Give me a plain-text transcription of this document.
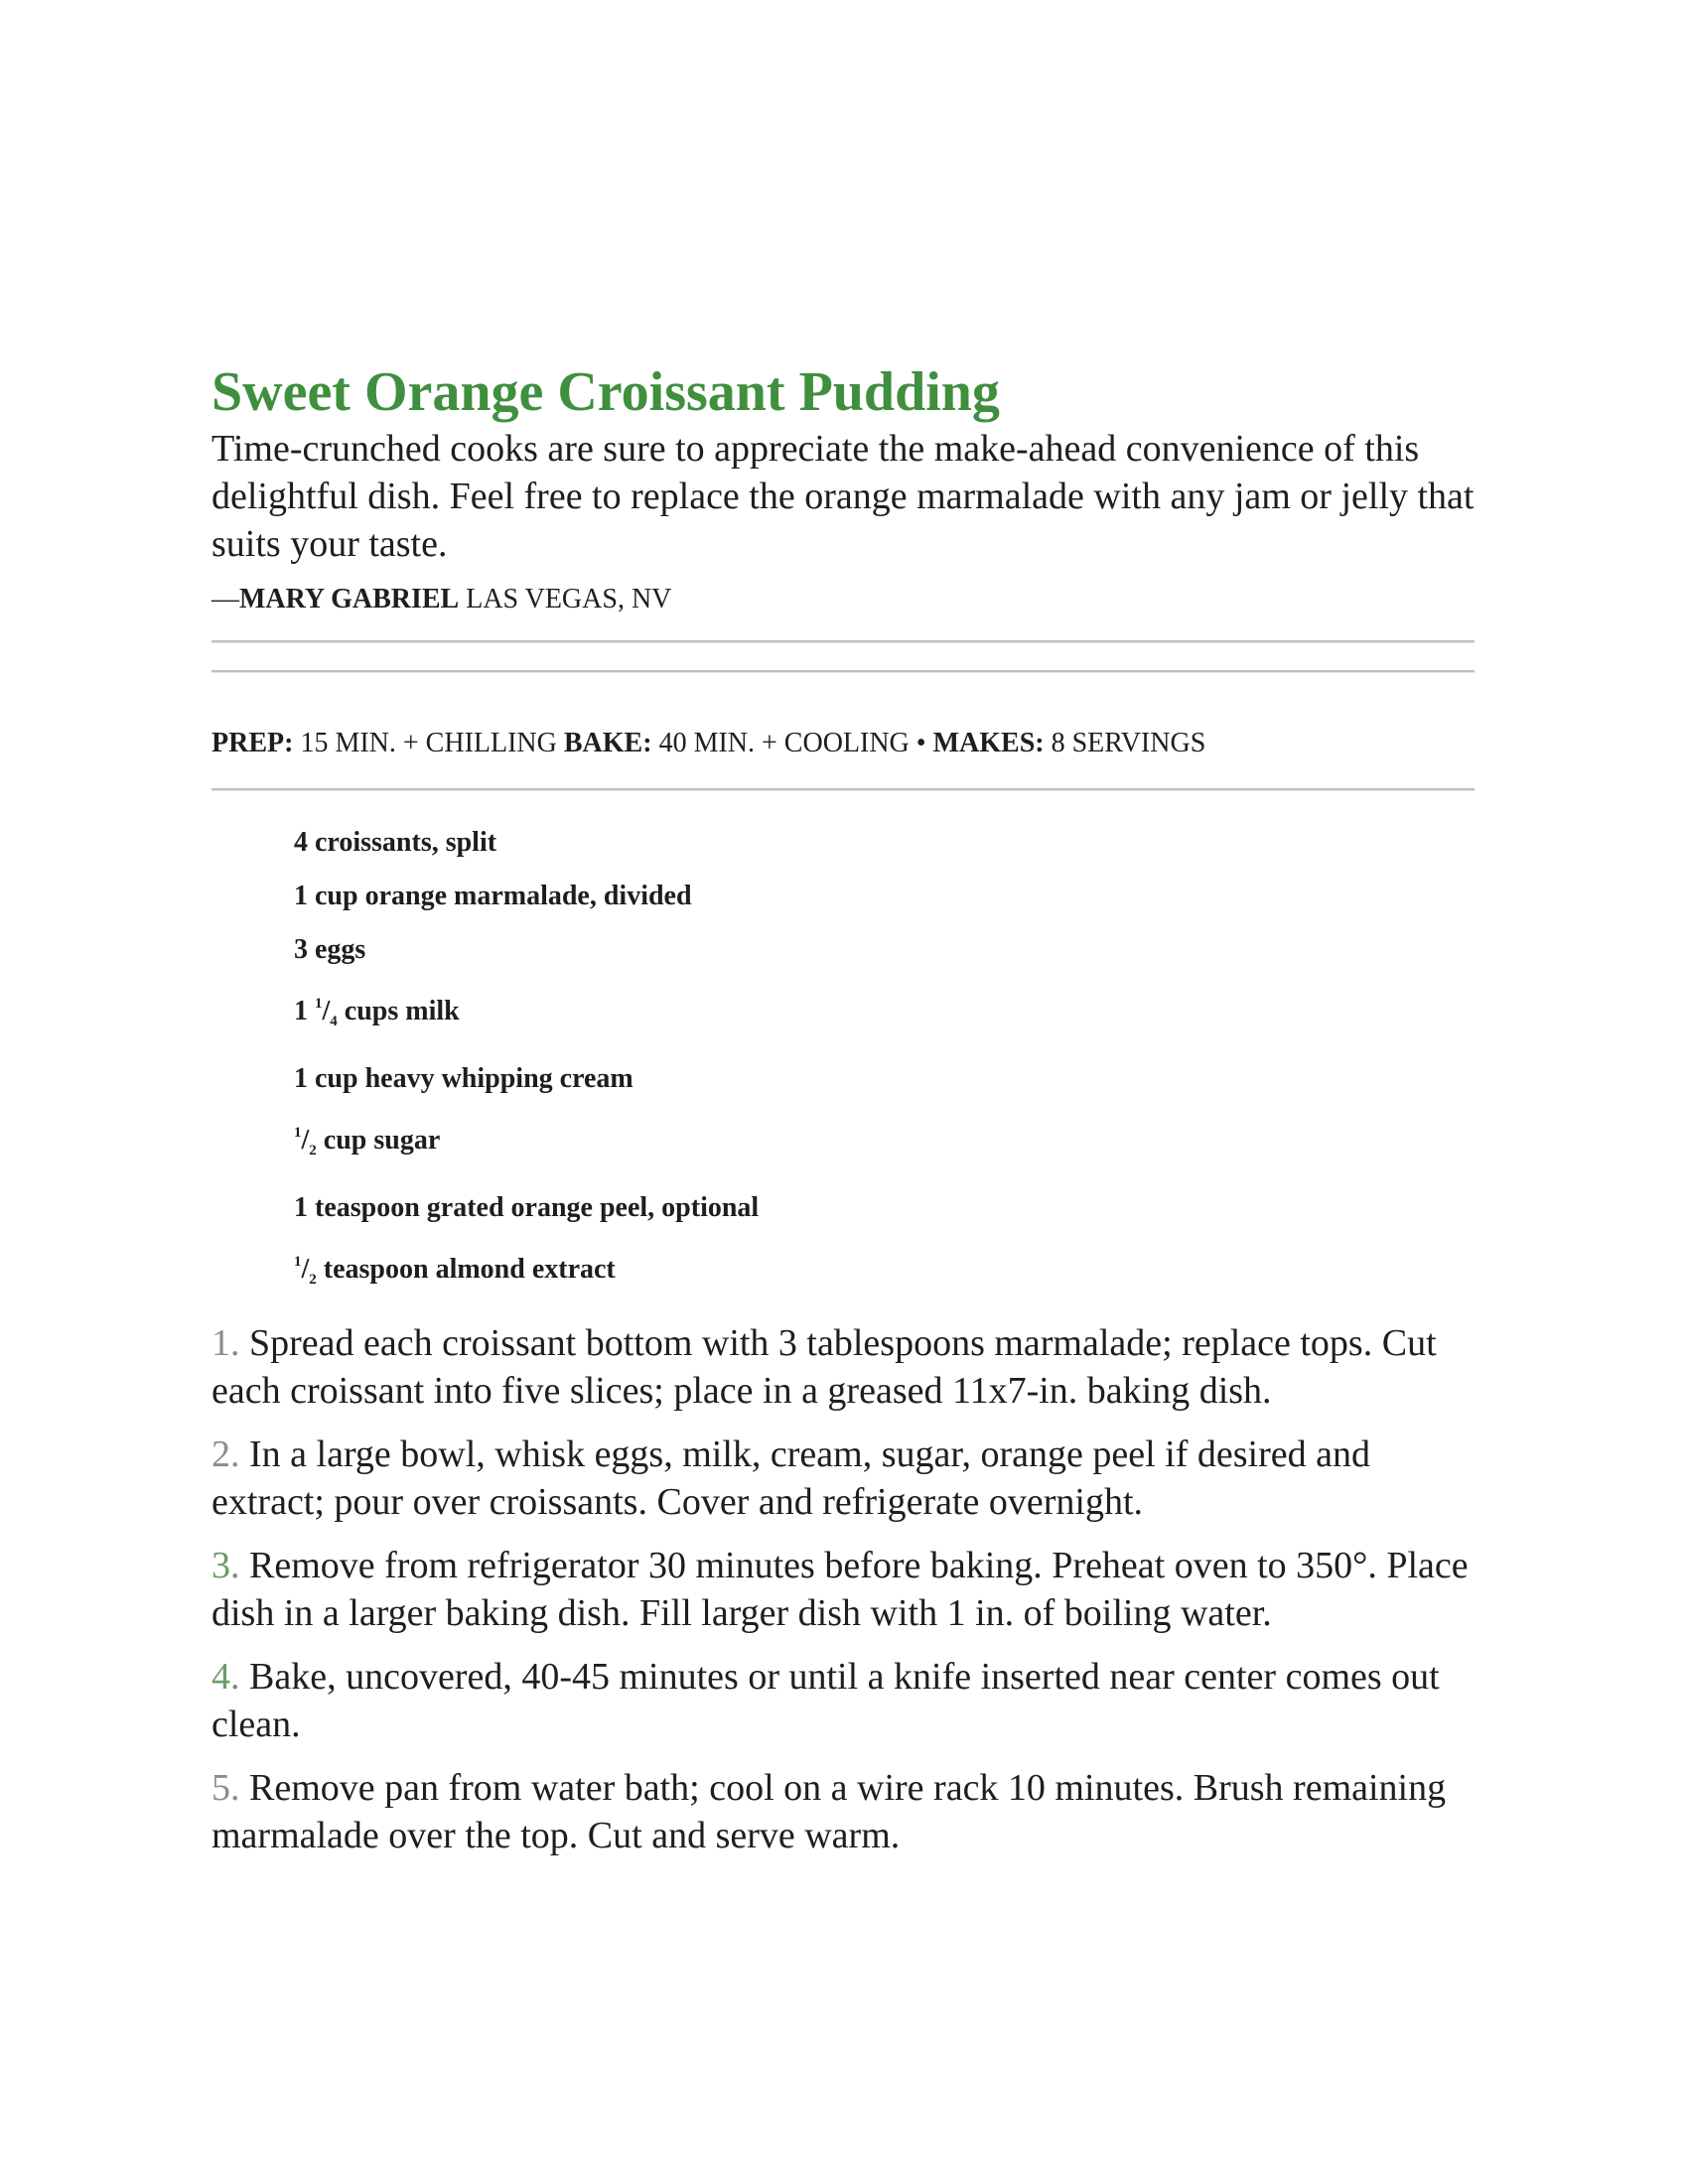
Sweet Orange Croissant Pudding

Time-crunched cooks are sure to appreciate the make-ahead convenience of this delightful dish. Feel free to replace the orange marmalade with any jam or jelly that suits your taste.

—MARY GABRIEL LAS VEGAS, NV
PREP: 15 MIN. + CHILLING BAKE: 40 MIN. + COOLING • MAKES: 8 SERVINGS
4 croissants, split
1 cup orange marmalade, divided
3 eggs
1 $^1/_4$ cups milk
1 cup heavy whipping cream
$^1/_2$ cup sugar
1 teaspoon grated orange peel, optional
$^1/_2$ teaspoon almond extract
1. Spread each croissant bottom with 3 tablespoons marmalade; replace tops. Cut each croissant into five slices; place in a greased 11x7-in. baking dish.
2. In a large bowl, whisk eggs, milk, cream, sugar, orange peel if desired and extract; pour over croissants. Cover and refrigerate overnight.
3. Remove from refrigerator 30 minutes before baking. Preheat oven to 350°. Place dish in a larger baking dish. Fill larger dish with 1 in. of boiling water.
4. Bake, uncovered, 40-45 minutes or until a knife inserted near center comes out clean.
5. Remove pan from water bath; cool on a wire rack 10 minutes. Brush remaining marmalade over the top. Cut and serve warm.
